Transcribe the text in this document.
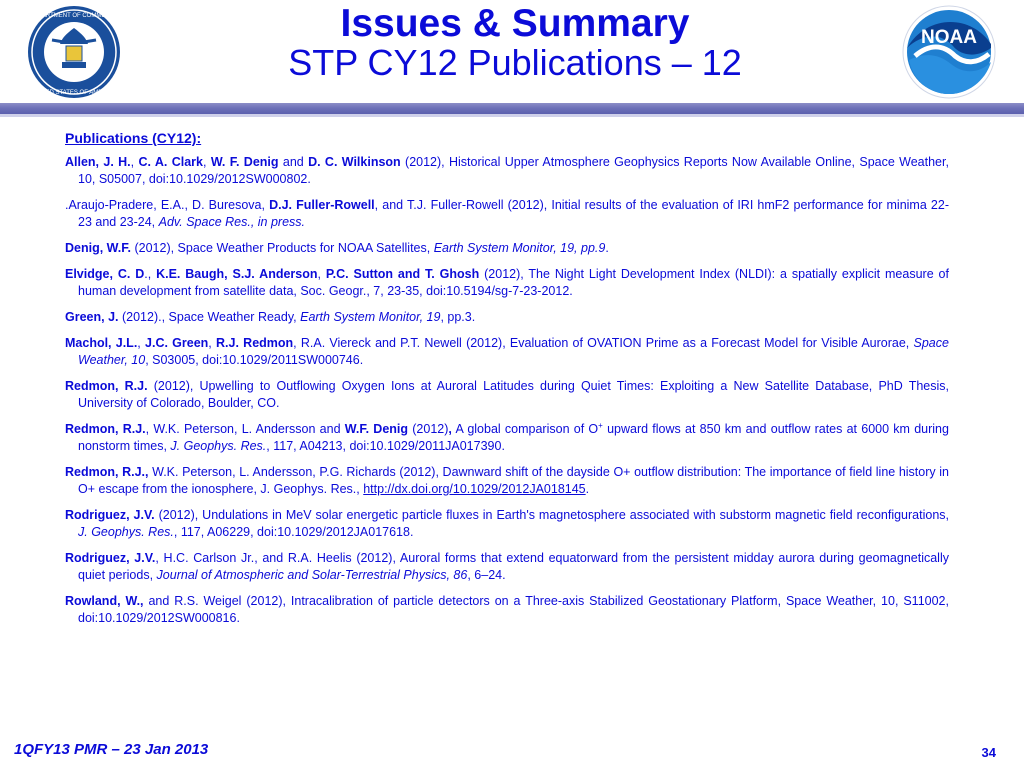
DEPARTMENT OF COMMERCE
UNITED STATES OF AMERICA
Issues & Summary
STP CY12 Publications – 12
NOAA
Publications (CY12):
Allen, J. H., C. A. Clark, W. F. Denig and D. C. Wilkinson (2012), Historical Upper Atmosphere Geophysics Reports Now Available Online, Space Weather, 10, S05007, doi:10.1029/2012SW000802.
.Araujo-Pradere, E.A., D. Buresova, D.J. Fuller-Rowell, and T.J. Fuller-Rowell (2012), Initial results of the evaluation of IRI hmF2 performance for minima 22-23 and 23-24, Adv. Space Res., in press.
Denig, W.F. (2012), Space Weather Products for NOAA Satellites, Earth System Monitor, 19, pp.9.
Elvidge, C. D., K.E. Baugh, S.J. Anderson, P.C. Sutton and T. Ghosh (2012), The Night Light Development Index (NLDI): a spatially explicit measure of human development from satellite data, Soc. Geogr., 7, 23-35, doi:10.5194/sg-7-23-2012.
Green, J. (2012)., Space Weather Ready, Earth System Monitor, 19, pp.3.
Machol, J.L., J.C. Green, R.J. Redmon, R.A. Viereck and P.T. Newell (2012), Evaluation of OVATION Prime as a Forecast Model for Visible Aurorae, Space Weather, 10, S03005, doi:10.1029/2011SW000746.
Redmon, R.J. (2012), Upwelling to Outflowing Oxygen Ions at Auroral Latitudes during Quiet Times: Exploiting a New Satellite Database, PhD Thesis, University of Colorado, Boulder, CO.
Redmon, R.J., W.K. Peterson, L. Andersson and W.F. Denig (2012), A global comparison of O+ upward flows at 850 km and outflow rates at 6000 km during nonstorm times, J. Geophys. Res., 117, A04213, doi:10.1029/2011JA017390.
Redmon, R.J., W.K. Peterson, L. Andersson, P.G. Richards (2012), Dawnward shift of the dayside O+ outflow distribution: The importance of field line history in O+ escape from the ionosphere, J. Geophys. Res., http://dx.doi.org/10.1029/2012JA018145.
Rodriguez, J.V. (2012), Undulations in MeV solar energetic particle fluxes in Earth's magnetosphere associated with substorm magnetic field reconfigurations, J. Geophys. Res., 117, A06229, doi:10.1029/2012JA017618.
Rodriguez, J.V., H.C. Carlson Jr., and R.A. Heelis (2012), Auroral forms that extend equatorward from the persistent midday aurora during geomagnetically quiet periods, Journal of Atmospheric and Solar-Terrestrial Physics, 86, 6–24.
Rowland, W., and R.S. Weigel (2012), Intracalibration of particle detectors on a Three-axis Stabilized Geostationary Platform, Space Weather, 10, S11002, doi:10.1029/2012SW000816.
1QFY13 PMR – 23 Jan 2013	34
